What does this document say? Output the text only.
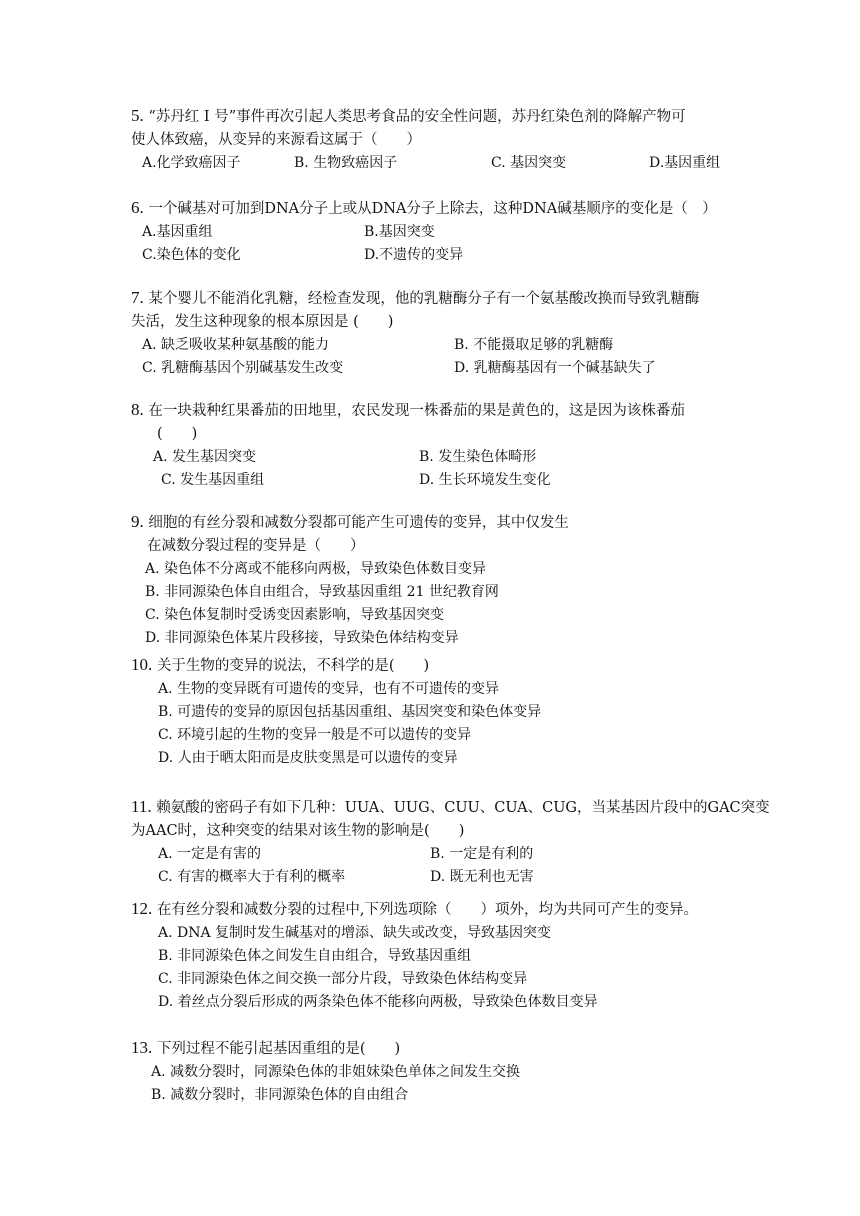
5. “苏丹红 I 号”事件再次引起人类思考食品的安全性问题，苏丹红染色剂的降解产物可
使人体致癌，从变异的来源看这属于（　　）
A.化学致癌因子	B. 生物致癌因子	C. 基因突变	D.基因重组
6. 一个碱基对可加到DNA分子上或从DNA分子上除去，这种DNA碱基顺序的变化是（　）
A.基因重组	B.基因突变
C.染色体的变化	D.不遗传的变异
7. 某个婴儿不能消化乳糖，经检查发现，他的乳糖酶分子有一个氨基酸改换而导致乳糖酶
失活，发生这种现象的根本原因是 (　　)
A. 缺乏吸收某种氨基酸的能力	B. 不能摄取足够的乳糖酶
C. 乳糖酶基因个别碱基发生改变	D. 乳糖酶基因有一个碱基缺失了
8. 在一块栽种红果番茄的田地里，农民发现一株番茄的果是黄色的，这是因为该株番茄
(　　)
A. 发生基因突变	B. 发生染色体畸形
C. 发生基因重组	D. 生长环境发生变化
9. 细胞的有丝分裂和减数分裂都可能产生可遗传的变异，其中仅发生
在减数分裂过程的变异是（　　）
A. 染色体不分离或不能移向两极，导致染色体数目变异
B. 非同源染色体自由组合，导致基因重组 21 世纪教育网
C. 染色体复制时受诱变因素影响，导致基因突变
D. 非同源染色体某片段移接，导致染色体结构变异
10. 关于生物的变异的说法，不科学的是(　　)
A. 生物的变异既有可遗传的变异，也有不可遗传的变异
B. 可遗传的变异的原因包括基因重组、基因突变和染色体变异
C. 环境引起的生物的变异一般是不可以遗传的变异
D. 人由于晒太阳而是皮肤变黑是可以遗传的变异
11. 赖氨酸的密码子有如下几种：UUA、UUG、CUU、CUA、CUG，当某基因片段中的GAC突变
为AAC时，这种突变的结果对该生物的影响是(　　)
A. 一定是有害的	B. 一定是有利的
C. 有害的概率大于有利的概率	D. 既无利也无害
12. 在有丝分裂和减数分裂的过程中,下列选项除（　　）项外，均为共同可产生的变异。
A. DNA 复制时发生碱基对的增添、缺失或改变，导致基因突变
B. 非同源染色体之间发生自由组合，导致基因重组
C. 非同源染色体之间交换一部分片段，导致染色体结构变异
D. 着丝点分裂后形成的两条染色体不能移向两极，导致染色体数目变异
13. 下列过程不能引起基因重组的是(　　)
A. 减数分裂时，同源染色体的非姐妹染色单体之间发生交换
B. 减数分裂时，非同源染色体的自由组合
